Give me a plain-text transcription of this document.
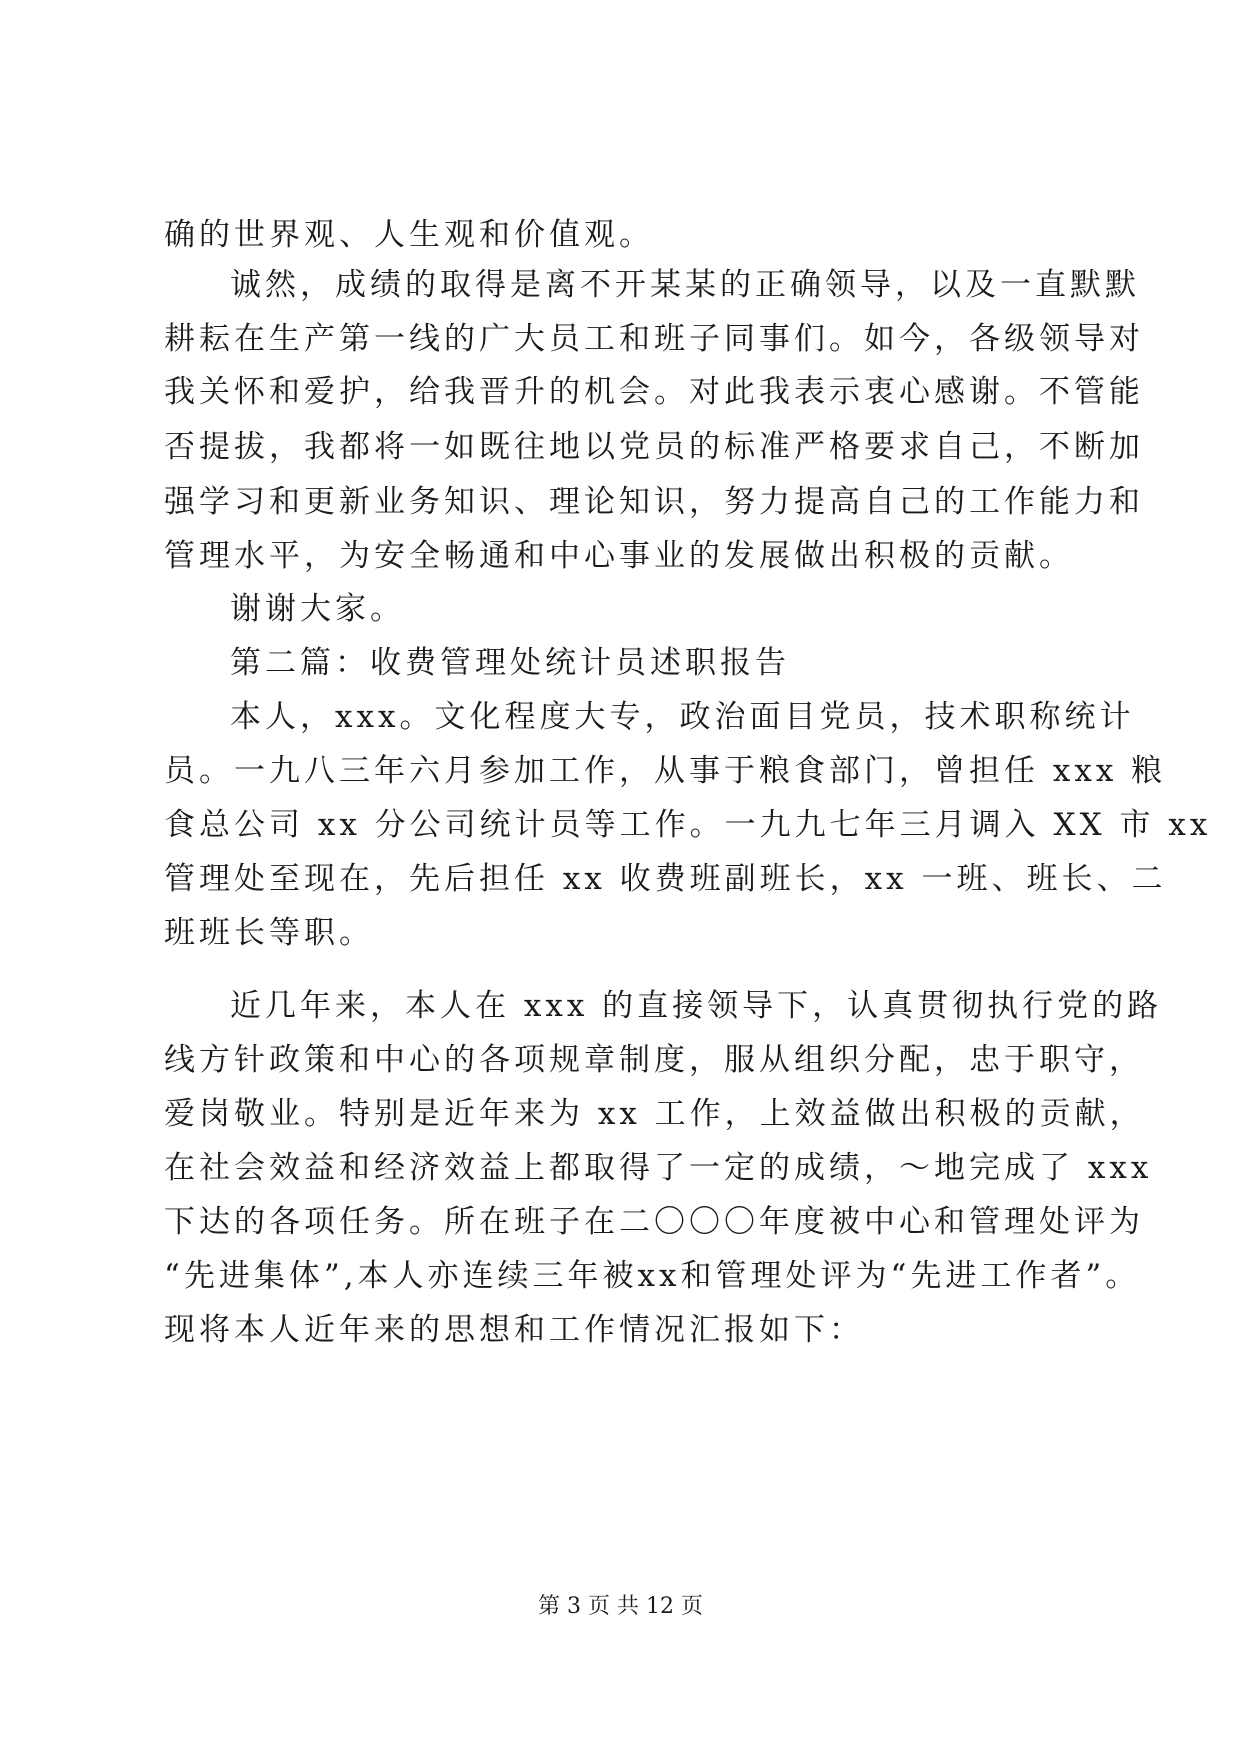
确的世界观、人生观和价值观。
诚然，成绩的取得是离不开某某的正确领导，以及一直默默
耕耘在生产第一线的广大员工和班子同事们。如今，各级领导对
我关怀和爱护，给我晋升的机会。对此我表示衷心感谢。不管能
否提拔，我都将一如既往地以党员的标准严格要求自己，不断加
强学习和更新业务知识、理论知识，努力提高自己的工作能力和
管理水平，为安全畅通和中心事业的发展做出积极的贡献。
谢谢大家。
第二篇：收费管理处统计员述职报告
本人，xxx。文化程度大专，政治面目党员，技术职称统计
员。一九八三年六月参加工作，从事于粮食部门，曾担任 xxx 粮
食总公司 xx 分公司统计员等工作。一九九七年三月调入 XX 市 xx
管理处至现在，先后担任 xx 收费班副班长，xx 一班、班长、二
班班长等职。
近几年来，本人在 xxx 的直接领导下，认真贯彻执行党的路
线方针政策和中心的各项规章制度，服从组织分配，忠于职守，
爱岗敬业。特别是近年来为 xx 工作，上效益做出积极的贡献，
在社会效益和经济效益上都取得了一定的成绩，～地完成了 xxx
下达的各项任务。所在班子在二〇〇〇年度被中心和管理处评为
“先进集体”,本人亦连续三年被xx和管理处评为“先进工作者”。
现将本人近年来的思想和工作情况汇报如下：
第 3 页 共 12 页
